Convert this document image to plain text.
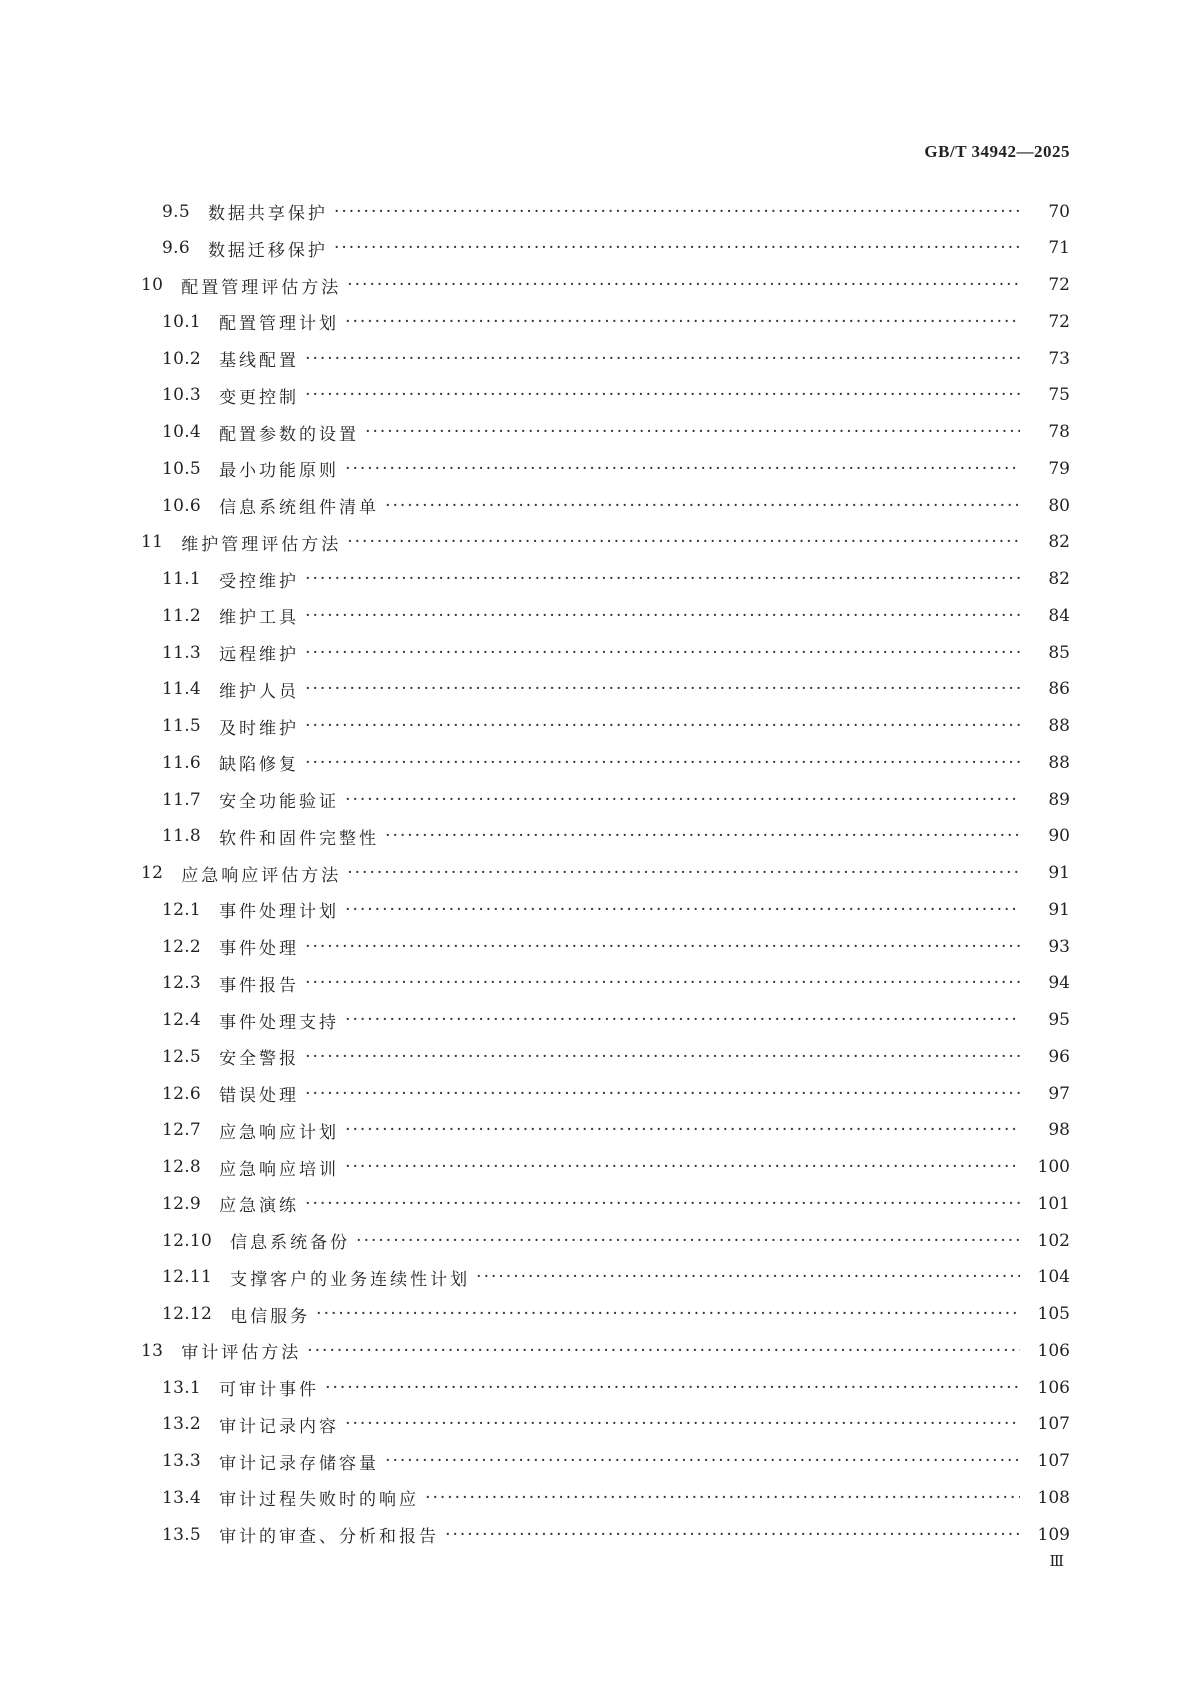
GB/T 34942—2025
9.5 数据共享保护 ·····	70
9.6 数据迁移保护 ·····	71
10 配置管理评估方法 ·····	72
10.1 配置管理计划 ·····	72
10.2 基线配置 ·····	73
10.3 变更控制 ·····	75
10.4 配置参数的设置 ·····	78
10.5 最小功能原则 ·····	79
10.6 信息系统组件清单 ·····	80
11 维护管理评估方法 ·····	82
11.1 受控维护 ·····	82
11.2 维护工具 ·····	84
11.3 远程维护 ·····	85
11.4 维护人员 ·····	86
11.5 及时维护 ·····	88
11.6 缺陷修复 ·····	88
11.7 安全功能验证 ·····	89
11.8 软件和固件完整性 ·····	90
12 应急响应评估方法 ·····	91
12.1 事件处理计划 ·····	91
12.2 事件处理 ·····	93
12.3 事件报告 ·····	94
12.4 事件处理支持 ·····	95
12.5 安全警报 ·····	96
12.6 错误处理 ·····	97
12.7 应急响应计划 ·····	98
12.8 应急响应培训 ·····	100
12.9 应急演练 ·····	101
12.10 信息系统备份 ·····	102
12.11 支撑客户的业务连续性计划 ·····	104
12.12 电信服务 ·····	105
13 审计评估方法 ·····	106
13.1 可审计事件 ·····	106
13.2 审计记录内容 ·····	107
13.3 审计记录存储容量 ·····	107
13.4 审计过程失败时的响应 ·····	108
13.5 审计的审查、分析和报告 ·····	109
Ⅲ
